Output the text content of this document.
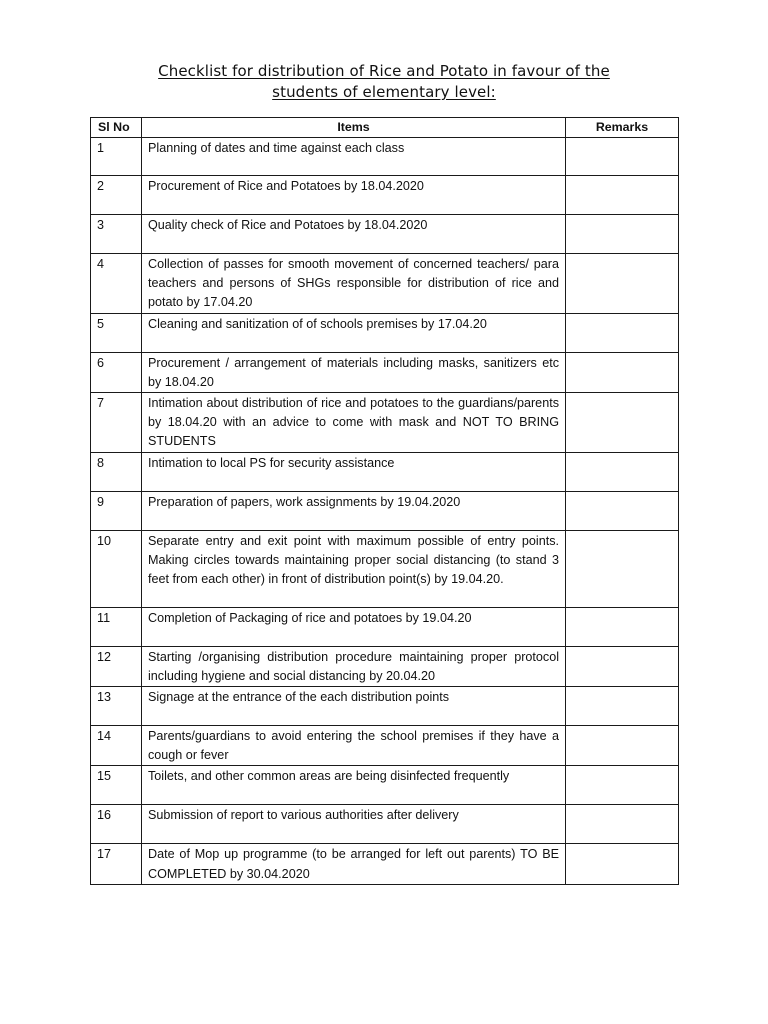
Checklist for distribution of Rice and Potato in favour of the
students of elementary level:
Sl No	Items	Remarks
1	Planning of dates and time against each class	
2	Procurement of Rice and Potatoes by 18.04.2020	
3	Quality check of Rice and Potatoes by 18.04.2020	
4	Collection of passes for smooth movement of concerned teachers/ para teachers and persons of SHGs responsible for distribution of rice and potato by 17.04.20	
5	Cleaning and sanitization of of schools premises by 17.04.20	
6	Procurement / arrangement of materials including masks, sanitizers etc by 18.04.20	
7	Intimation about distribution of rice and potatoes to the guardians/parents by 18.04.20 with an advice to come with mask and NOT TO BRING STUDENTS	
8	Intimation to local PS for security assistance	
9	Preparation of papers, work assignments by 19.04.2020	
10	Separate entry and exit point with maximum possible of entry points. Making circles towards maintaining proper social distancing (to stand 3 feet from each other) in front of distribution point(s) by 19.04.20.	
11	Completion of Packaging of rice and potatoes by 19.04.20	
12	Starting /organising distribution procedure maintaining proper protocol including hygiene and social distancing by 20.04.20	
13	Signage at the entrance of the each distribution points	
14	Parents/guardians to avoid entering the school premises if they have a cough or fever	
15	Toilets, and other common areas are being disinfected frequently	
16	Submission of report to various authorities after delivery	
17	Date of Mop up programme (to be arranged for left out parents) TO BE COMPLETED by 30.04.2020	
